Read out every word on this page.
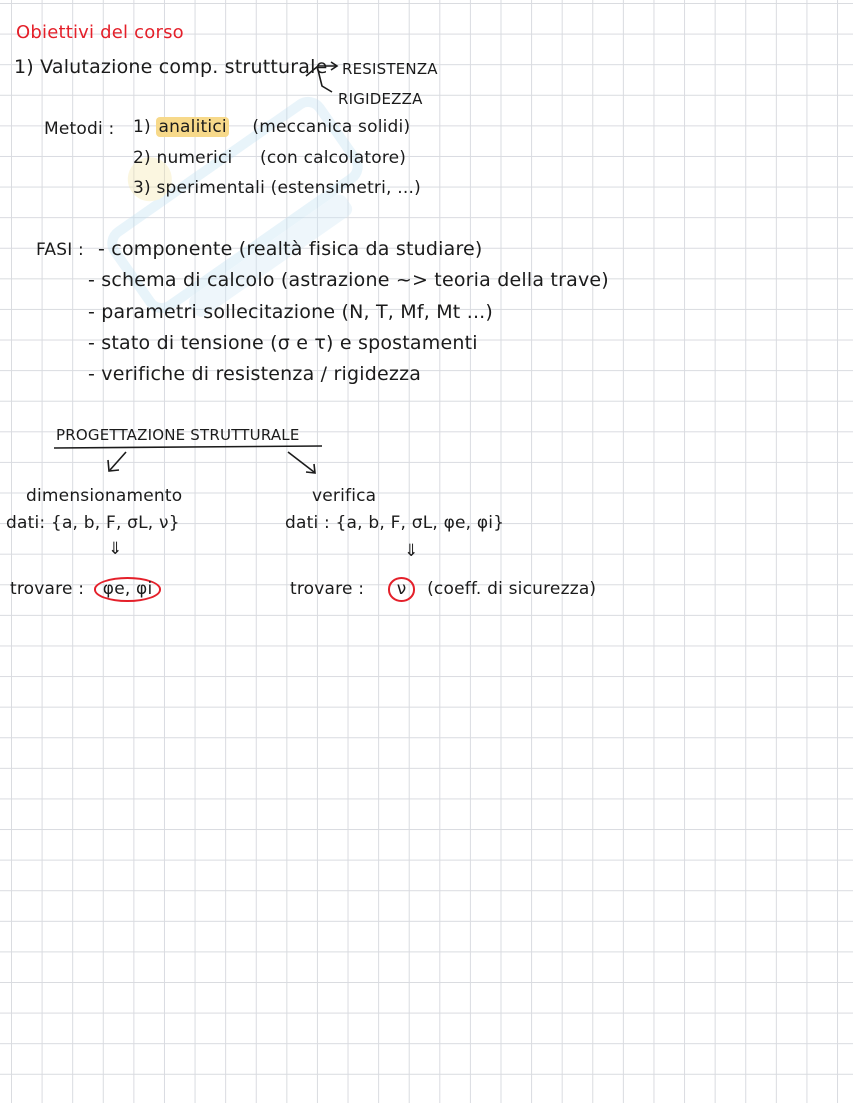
Obiettivi del corso
1) Valutazione comp. strutturale RESISTENZA
RIGIDEZZA
Metodi : 1) analitici (meccanica solidi)
2) numerici (con calcolatore)
3) sperimentali (estensimetri, ...)
FASI : - componente (realtà fisica da studiare)
- schema di calcolo (astrazione ~> teoria della trave)
- parametri sollecitazione (N, T, Mf, Mt ...)
- stato di tensione (σ e τ) e spostamenti
- verifiche di resistenza / rigidezza
PROGETTAZIONE STRUTTURALE
dimensionamento
dati: {a, b, F, σL, ν}
⇓
trovare : φe, φi
verifica
dati : {a, b, F, σL, φe, φi}
⇓
trovare : ν (coeff. di sicurezza)
